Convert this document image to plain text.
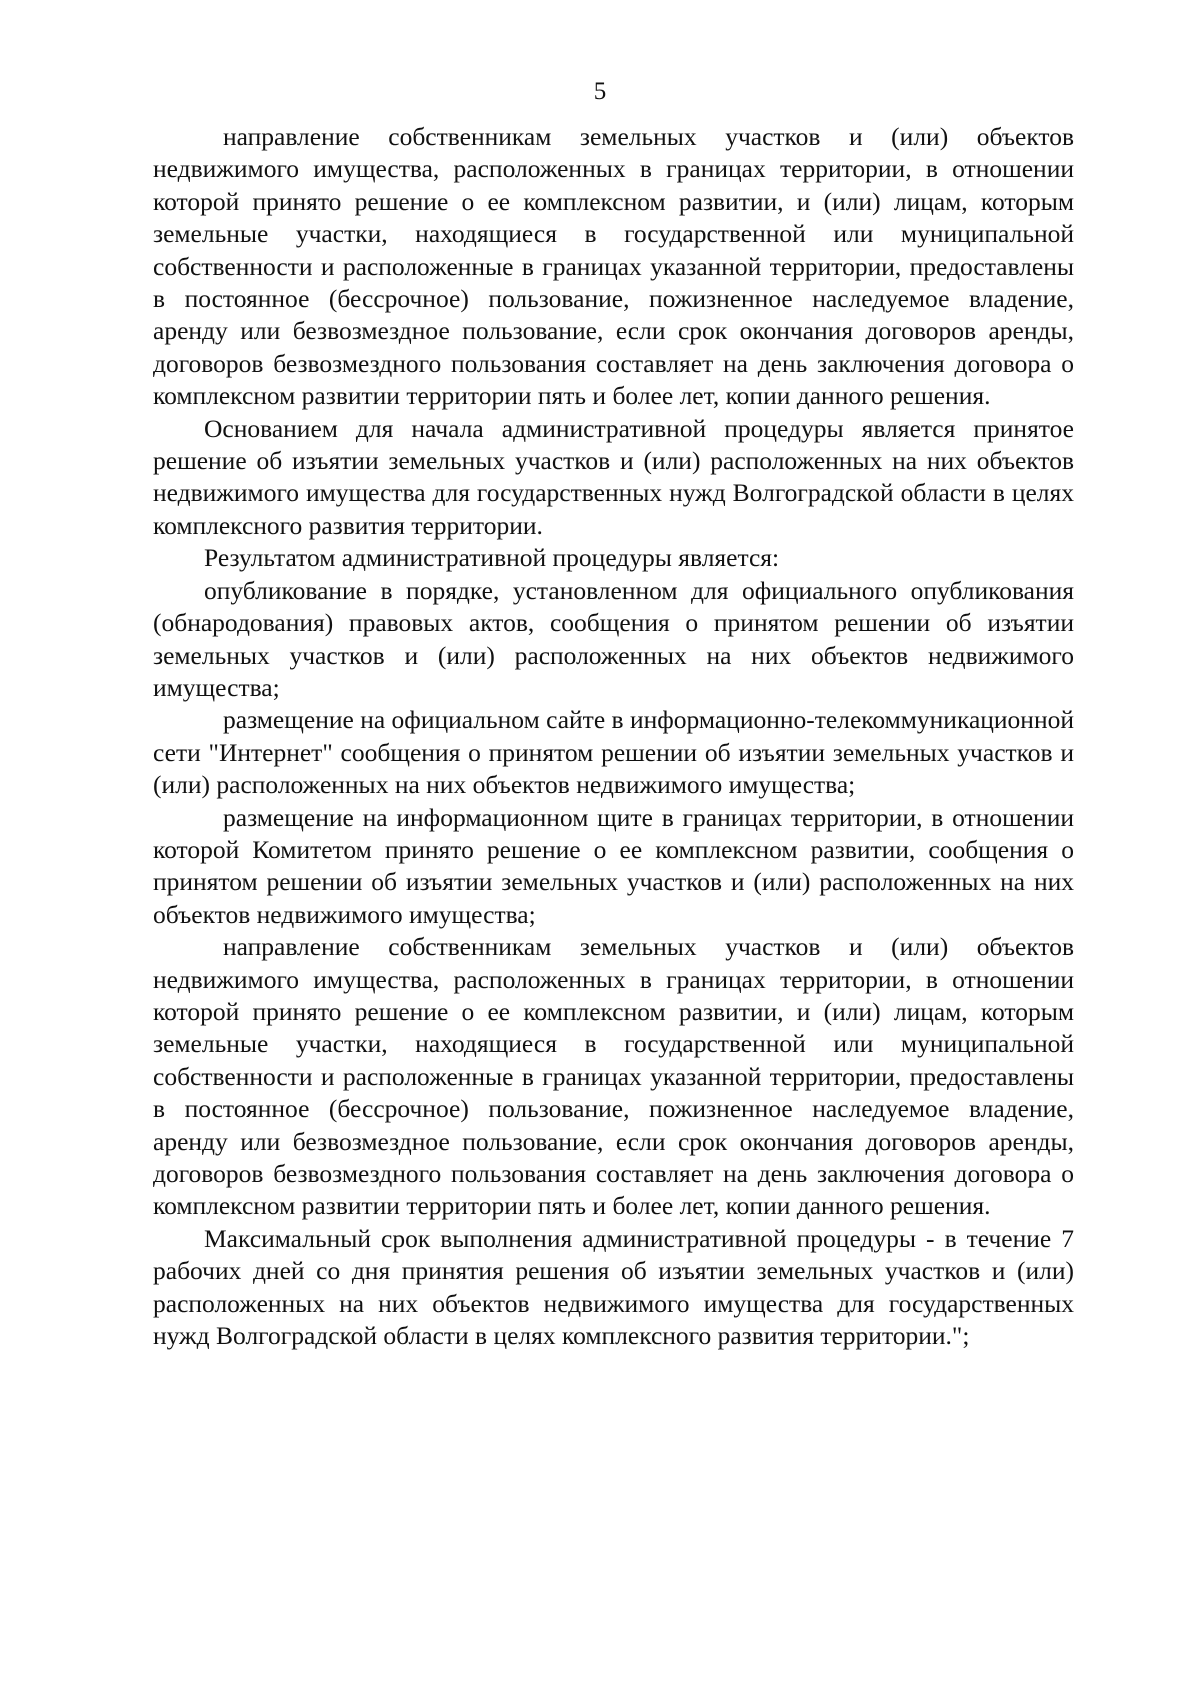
5

направление собственникам земельных участков и (или) объектов недвижимого имущества, расположенных в границах территории, в отношении которой принято решение о ее комплексном развитии, и (или) лицам, которым земельные участки, находящиеся в государственной или муниципальной собственности и расположенные в границах указанной территории, предоставлены в постоянное (бессрочное) пользование, пожизненное наследуемое владение, аренду или безвозмездное пользование, если срок окончания договоров аренды, договоров безвозмездного пользования составляет на день заключения договора о комплексном развитии территории пять и более лет, копии данного решения.

Основанием для начала административной процедуры является принятое решение об изъятии земельных участков и (или) расположенных на них объектов недвижимого имущества для государственных нужд Волгоградской области в целях комплексного развития территории.

Результатом административной процедуры является:

опубликование в порядке, установленном для официального опубликования (обнародования) правовых актов, сообщения о принятом решении об изъятии земельных участков и (или) расположенных на них объектов недвижимого имущества;

размещение на официальном сайте в информационно-телекоммуникационной сети "Интернет" сообщения о принятом решении об изъятии земельных участков и (или) расположенных на них объектов недвижимого имущества;

размещение на информационном щите в границах территории, в отношении которой Комитетом принято решение о ее комплексном развитии, сообщения о принятом решении об изъятии земельных участков и (или) расположенных на них объектов недвижимого имущества;

направление собственникам земельных участков и (или) объектов недвижимого имущества, расположенных в границах территории, в отношении которой принято решение о ее комплексном развитии, и (или) лицам, которым земельные участки, находящиеся в государственной или муниципальной собственности и расположенные в границах указанной территории, предоставлены в постоянное (бессрочное) пользование, пожизненное наследуемое владение, аренду или безвозмездное пользование, если срок окончания договоров аренды, договоров безвозмездного пользования составляет на день заключения договора о комплексном развитии территории пять и более лет, копии данного решения.

Максимальный срок выполнения административной процедуры - в течение 7 рабочих дней со дня принятия решения об изъятии земельных участков и (или) расположенных на них объектов недвижимого имущества для государственных нужд Волгоградской области в целях комплексного развития территории.";
